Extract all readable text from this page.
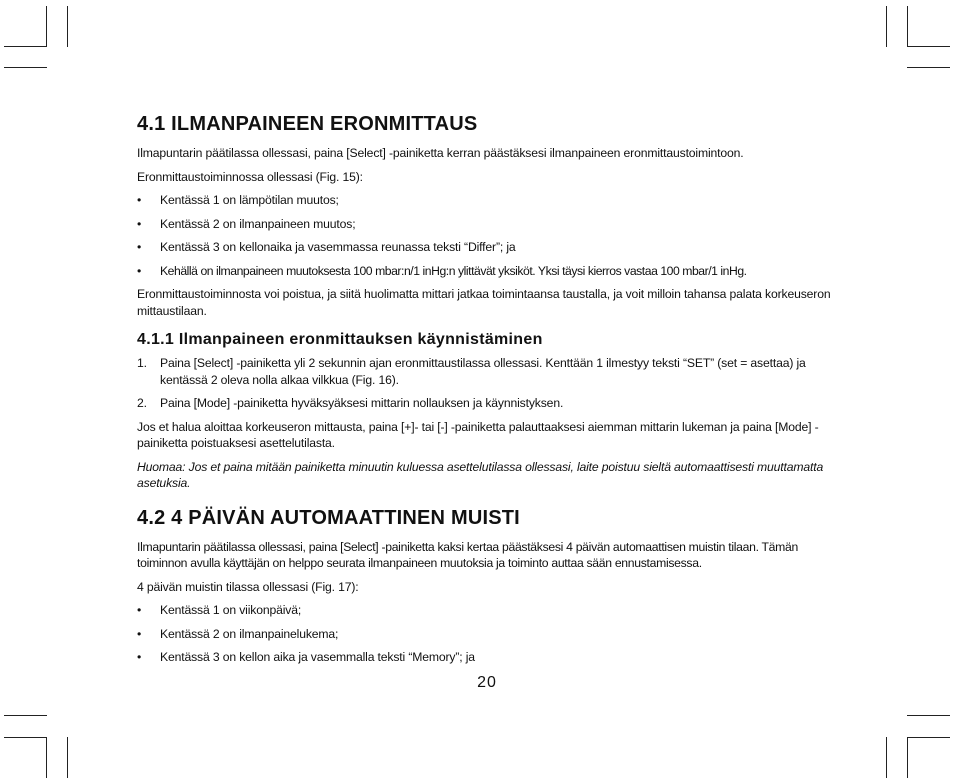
4.1 ILMANPAINEEN ERONMITTAUS

Ilmapuntarin päätilassa ollessasi, paina [Select] -painiketta kerran päästäksesi ilmanpaineen eronmittaustoimintoon.

Eronmittaustoiminnossa ollessasi (Fig. 15):

• Kentässä 1 on lämpötilan muutos;
• Kentässä 2 on ilmanpaineen muutos;
• Kentässä 3 on kellonaika ja vasemmassa reunassa teksti “Differ”; ja
• Kehällä on ilmanpaineen muutoksesta 100 mbar:n/1 inHg:n ylittävät yksiköt. Yksi täysi kierros vastaa 100 mbar/1 inHg.

Eronmittaustoiminnosta voi poistua, ja siitä huolimatta mittari jatkaa toimintaansa taustalla, ja voit milloin tahansa palata korkeuseron mittaustilaan.

4.1.1 Ilmanpaineen eronmittauksen käynnistäminen
1. Paina [Select] -painiketta yli 2 sekunnin ajan eronmittaustilassa ollessasi. Kenttään 1 ilmestyy teksti “SET” (set = asettaa) ja kentässä 2 oleva nolla alkaa vilkkua (Fig. 16).
2. Paina [Mode] -painiketta hyväksyäksesi mittarin nollauksen ja käynnistyksen.

Jos et halua aloittaa korkeuseron mittausta, paina [+]- tai [-] -painiketta palauttaaksesi aiemman mittarin lukeman ja paina [Mode] -painiketta poistuaksesi asettelutilasta.

Huomaa: Jos et paina mitään painiketta minuutin kuluessa asettelutilassa ollessasi, laite poistuu sieltä automaattisesti muuttamatta asetuksia.

4.2 4 PÄIVÄN AUTOMAATTINEN MUISTI

Ilmapuntarin päätilassa ollessasi, paina [Select] -painiketta kaksi kertaa päästäksesi 4 päivän automaattisen muistin tilaan. Tämän toiminnon avulla käyttäjän on helppo seurata ilmanpaineen muutoksia ja toiminto auttaa sään ennustamisessa.

4 päivän muistin tilassa ollessasi (Fig. 17):

• Kentässä 1 on viikonpäivä;
• Kentässä 2 on ilmanpainelukema;
• Kentässä 3 on kellon aika ja vasemmalla teksti “Memory”; ja
20
